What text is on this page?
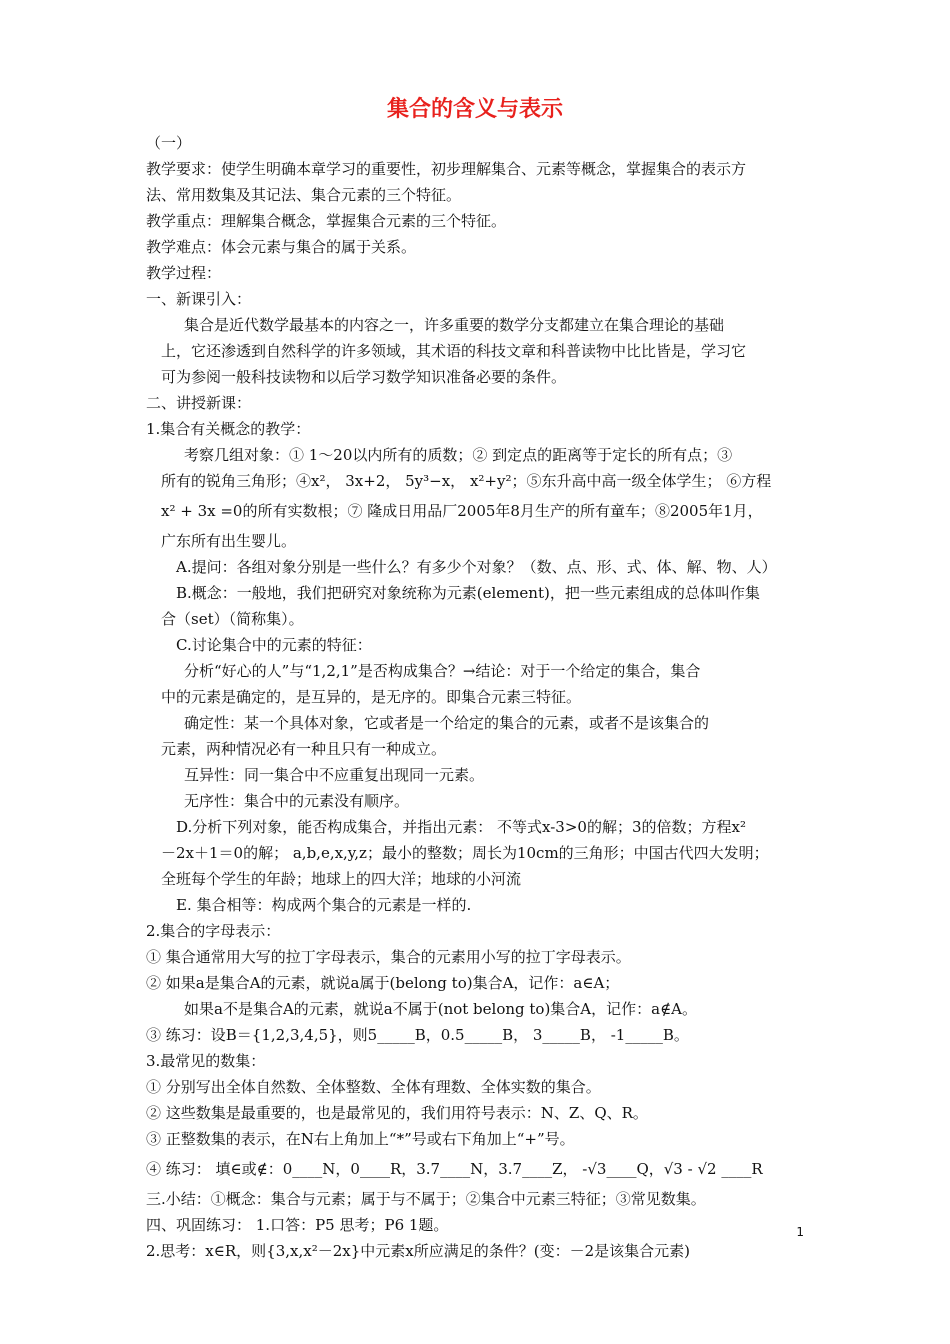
集合的含义与表示

（一）

教学要求：使学生明确本章学习的重要性，初步理解集合、元素等概念，掌握集合的表示方

法、常用数集及其记法、集合元素的三个特征。

教学重点：理解集合概念，掌握集合元素的三个特征。

教学难点：体会元素与集合的属于关系。

教学过程：

一、新课引入：

集合是近代数学最基本的内容之一，许多重要的数学分支都建立在集合理论的基础

上，它还渗透到自然科学的许多领域，其术语的科技文章和科普读物中比比皆是，学习它

可为参阅一般科技读物和以后学习数学知识准备必要的条件。

二、讲授新课：

1.集合有关概念的教学：

考察几组对象：① 1～20以内所有的质数；② 到定点的距离等于定长的所有点；③

所有的锐角三角形；④x²， 3x+2， 5y³−x， x²+y²；⑤东升高中高一级全体学生； ⑥方程

x² + 3x =0的所有实数根；⑦ 隆成日用品厂2005年8月生产的所有童车；⑧2005年1月，

广东所有出生婴儿。

A.提问：各组对象分别是一些什么？有多少个对象？（数、点、形、式、体、解、物、人）

B.概念：一般地，我们把研究对象统称为元素(element)，把一些元素组成的总体叫作集

合（set）（简称集）。

C.讨论集合中的元素的特征：

分析“好心的人”与“1,2,1”是否构成集合？→结论：对于一个给定的集合，集合

中的元素是确定的，是互异的，是无序的。即集合元素三特征。

确定性：某一个具体对象，它或者是一个给定的集合的元素，或者不是该集合的

元素，两种情况必有一种且只有一种成立。

互异性：同一集合中不应重复出现同一元素。

无序性：集合中的元素没有顺序。

D.分析下列对象，能否构成集合，并指出元素： 不等式x-3>0的解；3的倍数；方程x²

－2x＋1＝0的解； a,b,e,x,y,z；最小的整数；周长为10cm的三角形；中国古代四大发明；

全班每个学生的年龄；地球上的四大洋；地球的小河流

E. 集合相等：构成两个集合的元素是一样的.

2.集合的字母表示：

① 集合通常用大写的拉丁字母表示，集合的元素用小写的拉丁字母表示。

② 如果a是集合A的元素，就说a属于(belong to)集合A，记作：a∈A；

如果a不是集合A的元素，就说a不属于(not belong to)集合A，记作：a∉A。

③ 练习：设B＝{1,2,3,4,5}，则5_____B，0.5_____B， 3_____B， -1_____B。

3.最常见的数集：

① 分别写出全体自然数、全体整数、全体有理数、全体实数的集合。

② 这些数集是最重要的，也是最常见的，我们用符号表示：N、Z、Q、R。

③ 正整数集的表示，在N右上角加上“*”号或右下角加上“+”号。

④ 练习： 填∈或∉：0____N，0____R，3.7____N，3.7____Z， -√3____Q，√3 - √2 ____R

三.小结：①概念：集合与元素；属于与不属于；②集合中元素三特征；③常见数集。

四、巩固练习： 1.口答：P5 思考；P6 1题。

2.思考：x∈R，则{3,x,x²－2x}中元素x所应满足的条件？(变：－2是该集合元素)

1
